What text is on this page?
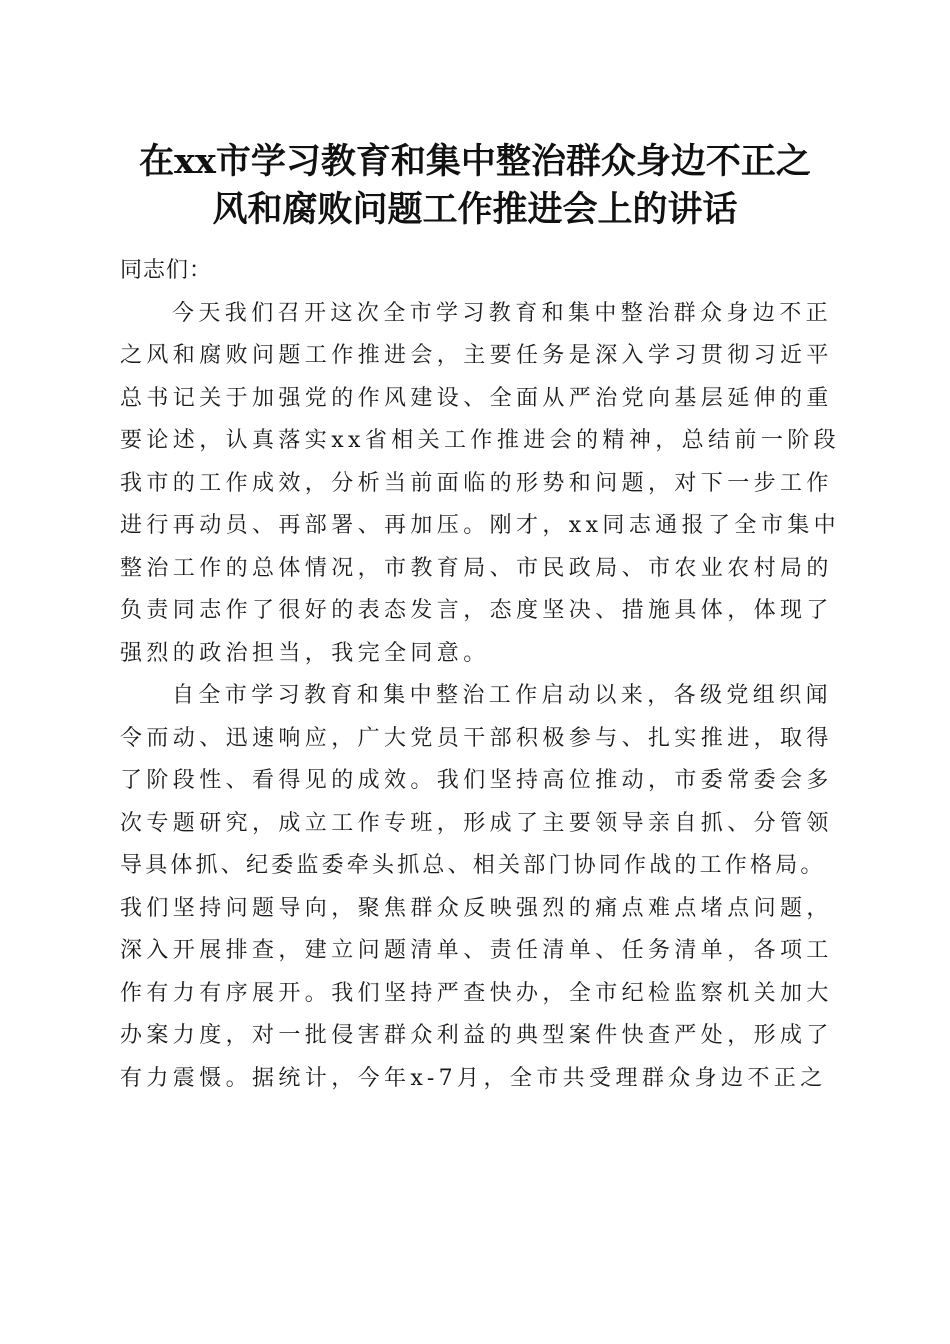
在xx市学习教育和集中整治群众身边不正之
风和腐败问题工作推进会上的讲话
同志们：
今天我们召开这次全市学习教育和集中整治群众身边不正
之风和腐败问题工作推进会，主要任务是深入学习贯彻习近平
总书记关于加强党的作风建设、全面从严治党向基层延伸的重
要论述，认真落实xx省相关工作推进会的精神，总结前一阶段
我市的工作成效，分析当前面临的形势和问题，对下一步工作
进行再动员、再部署、再加压。刚才，xx同志通报了全市集中
整治工作的总体情况，市教育局、市民政局、市农业农村局的
负责同志作了很好的表态发言，态度坚决、措施具体，体现了
强烈的政治担当，我完全同意。
自全市学习教育和集中整治工作启动以来，各级党组织闻
令而动、迅速响应，广大党员干部积极参与、扎实推进，取得
了阶段性、看得见的成效。我们坚持高位推动，市委常委会多
次专题研究，成立工作专班，形成了主要领导亲自抓、分管领
导具体抓、纪委监委牵头抓总、相关部门协同作战的工作格局。
我们坚持问题导向，聚焦群众反映强烈的痛点难点堵点问题，
深入开展排查，建立问题清单、责任清单、任务清单，各项工
作有力有序展开。我们坚持严查快办，全市纪检监察机关加大
办案力度，对一批侵害群众利益的典型案件快查严处，形成了
有力震慑。据统计，今年x-7月，全市共受理群众身边不正之
